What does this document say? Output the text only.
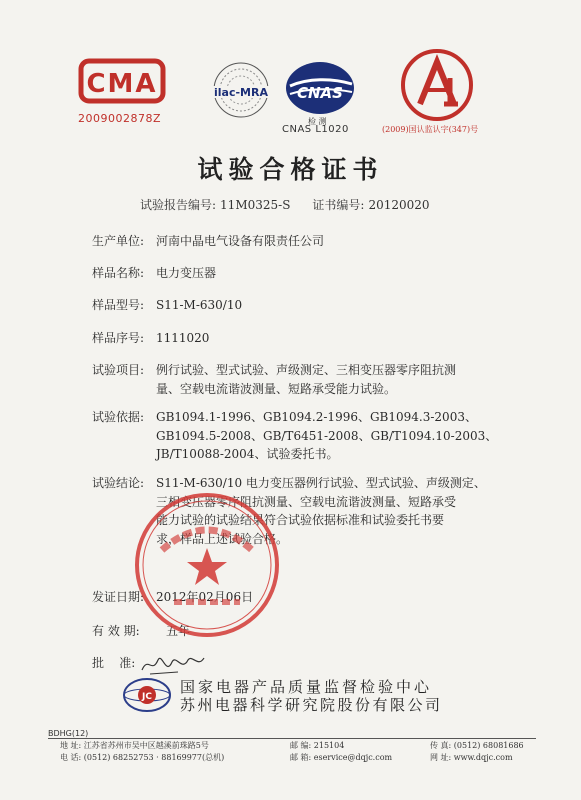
CMA
2009002878Z
ilac-MRA CNAS
检 测
CNAS L1020	(2009)国认监认字(347)号
试验合格证书
试验报告编号: 11M0325-S 证书编号: 20120020
生产单位: 河南中晶电气设备有限责任公司
样品名称: 电力变压器
样品型号: S11-M-630/10
样品序号: 1111020
试验项目: 例行试验、型式试验、声级测定、三相变压器零序阻抗测
量、空载电流谐波测量、短路承受能力试验。
试验依据: GB1094.1-1996、GB1094.2-1996、GB1094.3-2003、
GB1094.5-2008、GB/T6451-2008、GB/T1094.10-2003、
JB/T10088-2004、试验委托书。
试验结论: S11-M-630/10 电力变压器例行试验、型式试验、声级测定、
三相变压器零序阻抗测量、空载电流谐波测量、短路承受
能力试验的试验结果符合试验依据标准和试验委托书要
求，样品上述试验合格。
发证日期: 2012年02月06日
有 效 期:	五年
批    准:
JC
国家电器产品质量监督检验中心
苏州电器科学研究院股份有限公司
BDHG(12)
地 址: 江苏省苏州市吴中区越溪前珠路5号	邮 编: 215104	传 真: (0512) 68081686
电 话: (0512) 68252753 · 88169977(总机)	邮 箱: eservice@dqjc.com	网 址: www.dqjc.com
